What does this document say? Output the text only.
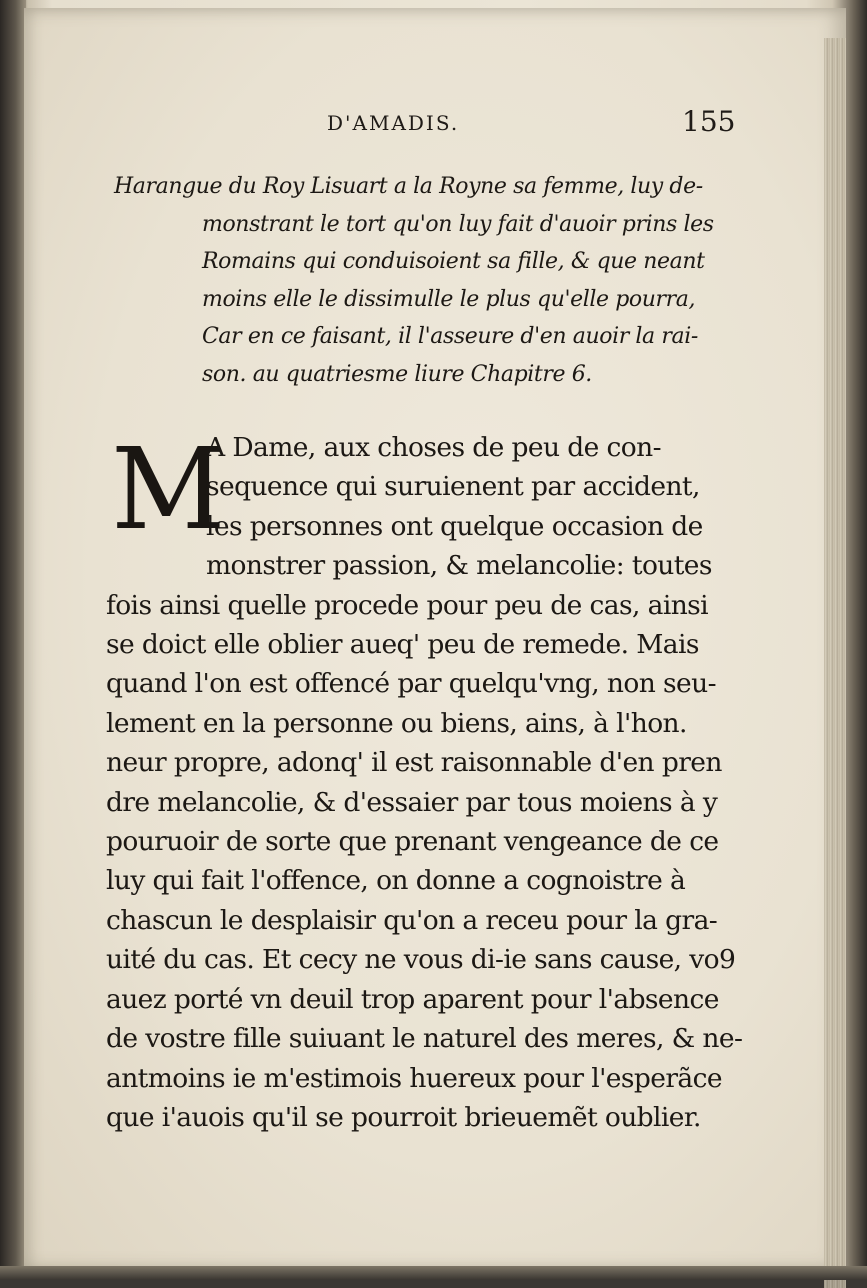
D'AMADIS.	155
Harangue du Roy Lisuart a la Royne sa femme, luy de-
monstrant le tort qu'on luy fait d'auoir prins les
Romains qui conduisoient sa fille, & que neant
moins elle le dissimulle le plus qu'elle pourra,
Car en ce faisant, il l'asseure d'en auoir la rai-
son. au quatriesme liure Chapitre 6.
M
A Dame, aux choses de peu de con-
sequence qui suruienent par accident,
les personnes ont quelque occasion de
monstrer passion, & melancolie: toutes
fois ainsi quelle procede pour peu de cas, ainsi
se doict elle oblier aueq' peu de remede. Mais
quand l'on est offencé par quelqu'vng, non seu-
lement en la personne ou biens, ains, à l'hon.
neur propre, adonq' il est raisonnable d'en pren
dre melancolie, & d'essaier par tous moiens à y
pouruoir de sorte que prenant vengeance de ce
luy qui fait l'offence, on donne a cognoistre à
chascun le desplaisir qu'on a receu pour la gra-
uité du cas. Et cecy ne vous di-ie sans cause, vo9
auez porté vn deuil trop aparent pour l'absence
de vostre fille suiuant le naturel des meres, & ne-
antmoins ie m'estimois huereux pour l'esperãce
que i'auois qu'il se pourroit brieuemẽt oublier.
